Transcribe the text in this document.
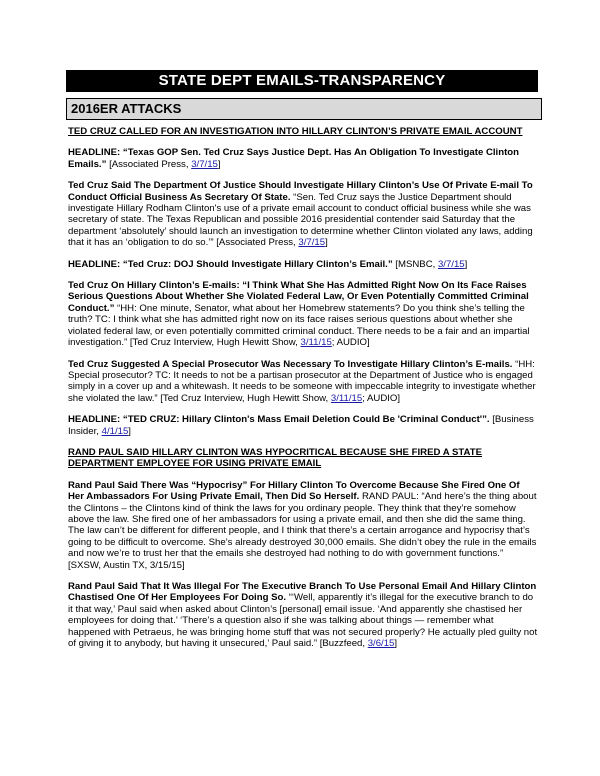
STATE DEPT EMAILS-TRANSPARENCY
2016ER ATTACKS

TED CRUZ CALLED FOR AN INVESTIGATION INTO HILLARY CLINTON’S PRIVATE EMAIL ACCOUNT

HEADLINE: “Texas GOP Sen. Ted Cruz Says Justice Dept. Has An Obligation To Investigate Clinton Emails.” [Associated Press, 3/7/15]

Ted Cruz Said The Department Of Justice Should Investigate Hillary Clinton’s Use Of Private E-mail To Conduct Official Business As Secretary Of State. “Sen. Ted Cruz says the Justice Department should investigate Hillary Rodham Clinton's use of a private email account to conduct official business while she was secretary of state. The Texas Republican and possible 2016 presidential contender said Saturday that the department ‘absolutely’ should launch an investigation to determine whether Clinton violated any laws, adding that it has an ‘obligation to do so.’” [Associated Press, 3/7/15]

HEADLINE: “Ted Cruz: DOJ Should Investigate Hillary Clinton’s Email.” [MSNBC, 3/7/15]

Ted Cruz On Hillary Clinton’s E-mails: “I Think What She Has Admitted Right Now On Its Face Raises Serious Questions About Whether She Violated Federal Law, Or Even Potentially Committed Criminal Conduct.” “HH: One minute, Senator, what about her Homebrew statements? Do you think she’s telling the truth? TC: I think what she has admitted right now on its face raises serious questions about whether she violated federal law, or even potentially committed criminal conduct. There needs to be a fair and an impartial investigation.” [Ted Cruz Interview, Hugh Hewitt Show, 3/11/15; AUDIO]

Ted Cruz Suggested A Special Prosecutor Was Necessary To Investigate Hillary Clinton’s E-mails. “HH: Special prosecutor? TC: It needs to not be a partisan prosecutor at the Department of Justice who is engaged simply in a cover up and a whitewash. It needs to be someone with impeccable integrity to investigate whether she violated the law.” [Ted Cruz Interview, Hugh Hewitt Show, 3/11/15; AUDIO]

HEADLINE: “TED CRUZ: Hillary Clinton's Mass Email Deletion Could Be 'Criminal Conduct'”. [Business Insider, 4/1/15]

RAND PAUL SAID HILLARY CLINTON WAS HYPOCRITICAL BECAUSE SHE FIRED A STATE DEPARTMENT EMPLOYEE FOR USING PRIVATE EMAIL

Rand Paul Said There Was “Hypocrisy” For Hillary Clinton To Overcome Because She Fired One Of Her Ambassadors For Using Private Email, Then Did So Herself. RAND PAUL: “And here’s the thing about the Clintons – the Clintons kind of think the laws for you ordinary people. They think that they’re somehow above the law. She fired one of her ambassadors for using a private email, and then she did the same thing. The law can’t be different for different people, and I think that there’s a certain arrogance and hypocrisy that’s going to be difficult to overcome. She’s already destroyed 30,000 emails. She didn’t obey the rule in the emails and now we’re to trust her that the emails she destroyed had nothing to do with government functions.” [SXSW, Austin TX, 3/15/15]

Rand Paul Said That It Was Illegal For The Executive Branch To Use Personal Email And Hillary Clinton Chastised One Of Her Employees For Doing So. “‘Well, apparently it’s illegal for the executive branch to do it that way,’ Paul said when asked about Clinton’s [personal] email issue. ‘And apparently she chastised her employees for doing that.’ ‘There’s a question also if she was talking about things — remember what happened with Petraeus, he was bringing home stuff that was not secured properly? He actually pled guilty not of giving it to anybody, but having it unsecured,’ Paul said.” [Buzzfeed, 3/6/15]
